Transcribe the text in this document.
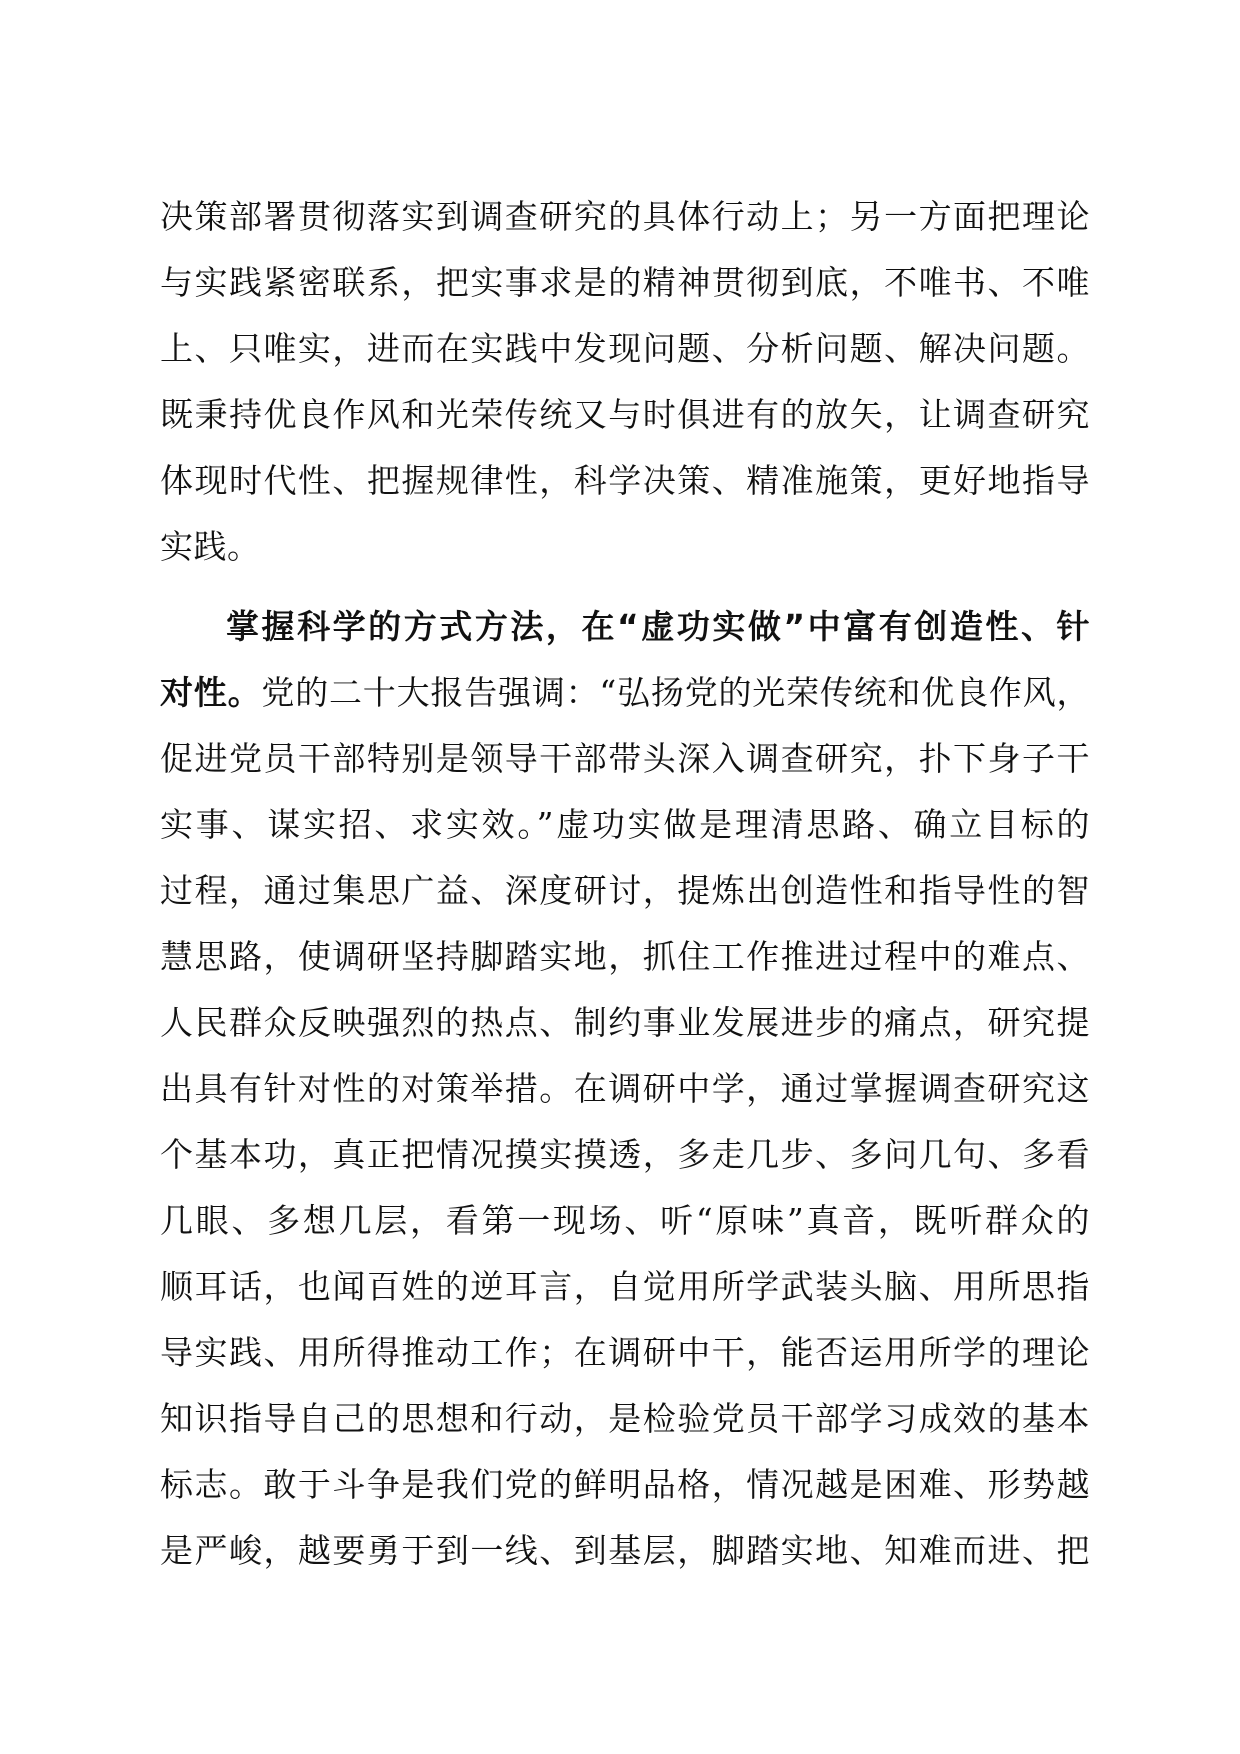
决策部署贯彻落实到调查研究的具体行动上；另一方面把理论
与实践紧密联系，把实事求是的精神贯彻到底，不唯书、不唯
上、只唯实，进而在实践中发现问题、分析问题、解决问题。
既秉持优良作风和光荣传统又与时俱进有的放矢，让调查研究
体现时代性、把握规律性，科学决策、精准施策，更好地指导
实践。
掌握科学的方式方法，在“虚功实做”中富有创造性、针
对性。党的二十大报告强调：“弘扬党的光荣传统和优良作风，
促进党员干部特别是领导干部带头深入调查研究，扑下身子干
实事、谋实招、求实效。”虚功实做是理清思路、确立目标的
过程，通过集思广益、深度研讨，提炼出创造性和指导性的智
慧思路，使调研坚持脚踏实地，抓住工作推进过程中的难点、
人民群众反映强烈的热点、制约事业发展进步的痛点，研究提
出具有针对性的对策举措。在调研中学，通过掌握调查研究这
个基本功，真正把情况摸实摸透，多走几步、多问几句、多看
几眼、多想几层，看第一现场、听“原味”真音，既听群众的
顺耳话，也闻百姓的逆耳言，自觉用所学武装头脑、用所思指
导实践、用所得推动工作；在调研中干，能否运用所学的理论
知识指导自己的思想和行动，是检验党员干部学习成效的基本
标志。敢于斗争是我们党的鲜明品格，情况越是困难、形势越
是严峻，越要勇于到一线、到基层，脚踏实地、知难而进、把
